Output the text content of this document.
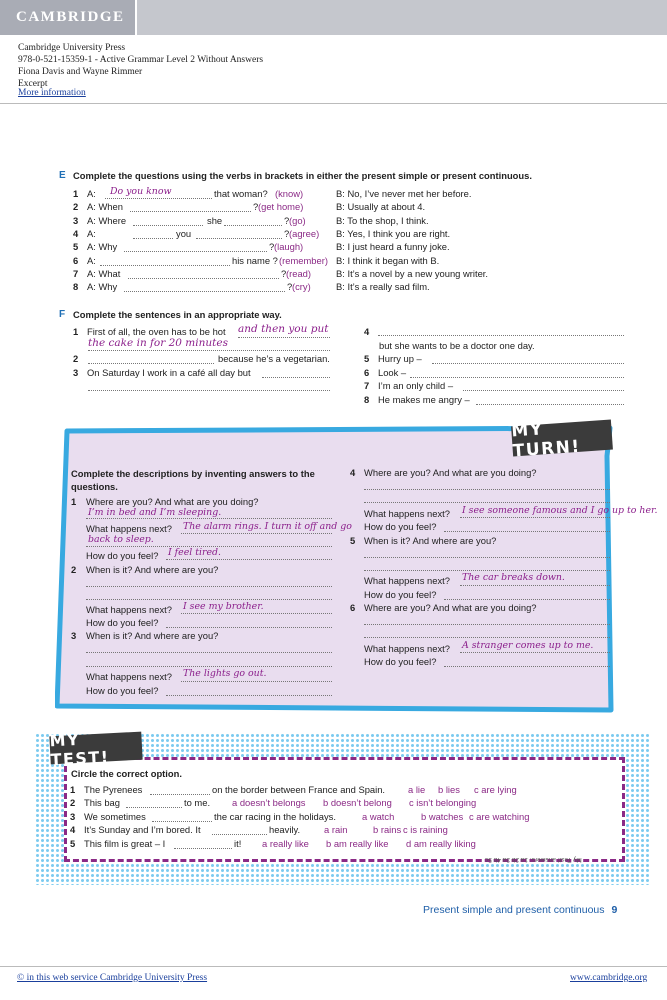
CAMBRIDGE
Cambridge University Press
978-0-521-15359-1 - Active Grammar Level 2 Without Answers
Fiona Davis and Wayne Rimmer
Excerpt
More information
E Complete the questions using the verbs in brackets in either the present simple or present continuous.
1 A: Do you know	that woman? (know)	B: No, I’ve never met her before.
2 A: When	? (get home)	B: Usually at about 4.
3 A: Where	she	? (go)	B: To the shop, I think.
4 A:	you	? (agree) B: Yes, I think you are right.
5 A: Why	? (laugh)	B: I just heard a funny joke.
6 A:	his name ? (remember) B: I think it began with B.
7 A: What	? (read)	B: It’s a novel by a new young writer.
8 A: Why	? (cry)	B: It’s a really sad film.
F Complete the sentences in an appropriate way.
1 First of all, the oven has to be hot and then you put
the cake in for 20 minutes
2	because he’s a vegetarian.
3 On Saturday I work in a café all day but
4
but she wants to be a doctor one day.
5 Hurry up –
6 Look –
7 I’m an only child –
8 He makes me angry –
MY TURN!
Complete the descriptions by inventing answers to the questions.
1 Where are you? And what are you doing?
I’m in bed and I’m sleeping.
What happens next? The alarm rings. I turn it off and go
back to sleep.
How do you feel? I feel tired.
2 When is it? And where are you?
What happens next? I see my brother.
How do you feel?
3 When is it? And where are you?
What happens next? The lights go out.
How do you feel?
4 Where are you? And what are you doing?
What happens next? I see someone famous and I go up to her.
How do you feel?
5 When is it? And where are you?
What happens next? The car breaks down.
How do you feel?
6 Where are you? And what are you doing?
What happens next? A stranger comes up to me.
How do you feel?
MY TEST!
Circle the correct option.
1 The Pyrenees	on the border between France and Spain. a lie b lies c are lying
2 This bag	to me. a doesn’t belongs b doesn’t belong c isn’t belonging
3 We sometimes	the car racing in the holidays.	a watch	b watches c are watching
4 It’s Sunday and I’m bored. It	heavily.	a rain	b rains c is raining
5 This film is great – I	it! a really like b am really like d am really liking
My Test! answers: 1a 2b 3a 4b 5c
Present simple and present continuous 9
© in this web service Cambridge University Press	www.cambridge.org
